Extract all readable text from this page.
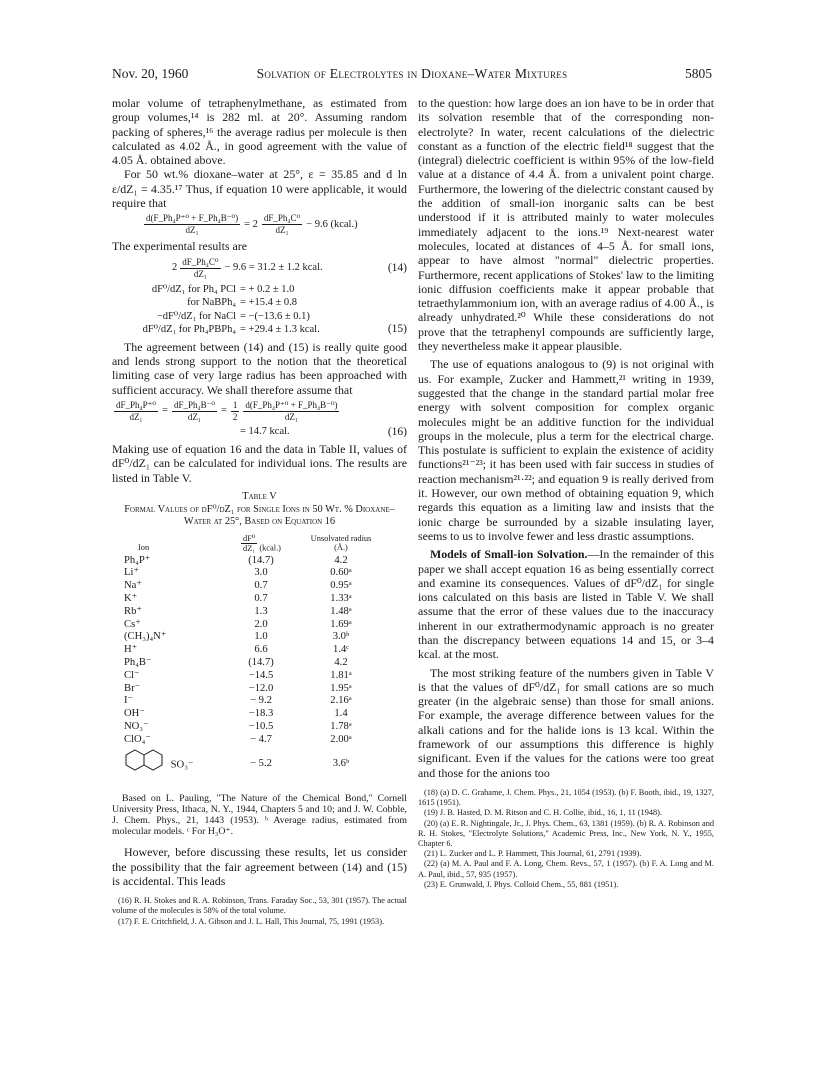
Nov. 20, 1960	Solvation of Electrolytes in Dioxane–Water Mixtures	5805

molar volume of tetraphenylmethane, as estimated from group volumes,¹⁴ is 282 ml. at 20°. Assuming random packing of spheres,¹⁶ the average radius per molecule is then calculated as 4.02 Å., in good agreement with the value of 4.05 Å. obtained above.

For 50 wt.% dioxane–water at 25°, ε = 35.85 and d ln ε/dZ₁ = 4.35.¹⁷ Thus, if equation 10 were applicable, it would require that

$\frac{\text{d(F\_Ph₄P⁺⁰ + F\_Ph₄B⁻⁰)}}{\text{dZ₁}} = 2 \frac{\text{dF\_Ph₄C⁰}}{\text{dZ₁}} - 9.6$ (kcal.)

The experimental results are

$2 \frac{\text{dF\_Ph₄C⁰}}{\text{dZ₁}} - 9.6 = 31.2 \pm 1.2$ kcal.	(14)
dF⁰/dZ₁ for Ph₄ PCl = + 0.2 ± 1.0
for NaBPh₄ = +15.4 ± 0.8
−dF⁰/dZ₁ for NaCl = −(−13.6 ± 0.1)
dF⁰/dZ₁ for Ph₄PBPh₄ = +29.4 ± 1.3 kcal.	(15)

The agreement between (14) and (15) is really quite good and lends strong support to the notion that the theoretical limiting case of very large radius has been approached with sufficient accuracy. We shall therefore assume that

$\frac{\text{dF\_Ph₄P⁺⁰}}{\text{dZ₁}} = \frac{\text{dF\_Ph₄B⁻⁰}}{\text{dZ₁}} = \frac{1}{2} \frac{\text{d(F\_Ph₄P⁺⁰ + F\_Ph₄B⁻⁰)}}{\text{dZ₁}}$
= 14.7 kcal.	(16)

Making use of equation 16 and the data in Table II, values of dF⁰/dZ₁ can be calculated for individual ions. The results are listed in Table V.

Table V
Formal Values of dF⁰/dZ₁ for Single Ions in 50 Wt. % Dioxane–Water at 25°, Based on Equation 16
Ion	$\frac{\text{dF⁰}}{\text{dZ₁}}$ (kcal.)	Unsolvated radius (Å.)
Ph₄P⁺	(14.7)	4.2
Li⁺	3.0	0.60ᵃ
Na⁺	0.7	0.95ᵃ
K⁺	0.7	1.33ᵃ
Rb⁺	1.3	1.48ᵃ
Cs⁺	2.0	1.69ᵃ
(CH₃)₄N⁺	1.0	3.0ᵇ
H⁺	6.6	1.4ᶜ
Ph₄B⁻	(14.7)	4.2
Cl⁻	−14.5	1.81ᵃ
Br⁻	−12.0	1.95ᵃ
I⁻	− 9.2	2.16ᵃ
OH⁻	−18.3	1.4
NO₃⁻	−10.5	1.78ᵃ
ClO₄⁻	− 4.7	2.00ᵃ
SO₃⁻	− 5.2	3.6ᵇ
Based on L. Pauling, "The Nature of the Chemical Bond," Cornell University Press, Ithaca, N. Y., 1944, Chapters 5 and 10; and J. W. Cobble, J. Chem. Phys., 21, 1443 (1953). ᵇ Average radius, estimated from molecular models. ᶜ For H₃O⁺.

However, before discussing these results, let us consider the possibility that the fair agreement between (14) and (15) is accidental. This leads

(16) R. H. Stokes and R. A. Robinson, Trans. Faraday Soc., 53, 301 (1957). The actual volume of the molecules is 58% of the total volume.
(17) F. E. Critchfield, J. A. Gibson and J. L. Hall, This Journal, 75, 1991 (1953).

to the question: how large does an ion have to be in order that its solvation resemble that of the corresponding non-electrolyte? In water, recent calculations of the dielectric constant as a function of the electric field¹⁸ suggest that the (integral) dielectric coefficient is within 95% of the low-field value at a distance of 4.4 Å. from a univalent point charge. Furthermore, the lowering of the dielectric constant caused by the addition of small-ion inorganic salts can be best understood if it is attributed mainly to water molecules immediately adjacent to the ions.¹⁹ Next-nearest water molecules, located at distances of 4–5 Å. for small ions, appear to have almost "normal" dielectric properties. Furthermore, recent applications of Stokes' law to the limiting ionic diffusion coefficients make it appear probable that tetraethylammonium ion, with an average radius of 4.00 Å., is already unhydrated.²⁰ While these considerations do not prove that the tetraphenyl compounds are sufficiently large, they nevertheless make it appear plausible.

The use of equations analogous to (9) is not original with us. For example, Zucker and Hammett,²¹ writing in 1939, suggested that the change in the standard partial molar free energy with solvent composition for complex organic molecules might be an additive function for the individual groups in the molecule, plus a term for the electrical charge. This postulate is sufficient to explain the existence of acidity functions²¹⁻²³; it has been used with fair success in studies of reaction mechanism²¹·²²; and equation 9 is really derived from it. However, our own method of obtaining equation 9, which regards this equation as a limiting law and insists that the ionic charge be surrounded by a sizable insulating layer, seems to us to involve fewer and less drastic assumptions.

Models of Small-ion Solvation.—In the remainder of this paper we shall accept equation 16 as being essentially correct and examine its consequences. Values of dF⁰/dZ₁ for single ions calculated on this basis are listed in Table V. We shall assume that the error of these values due to the inaccuracy inherent in our extrathermodynamic approach is no greater than the discrepancy between equations 14 and 15, or 3–4 kcal. at the most.

The most striking feature of the numbers given in Table V is that the values of dF⁰/dZ₁ for small cations are so much greater (in the algebraic sense) than those for small anions. For example, the average difference between values for the alkali cations and for the halide ions is 13 kcal. Within the framework of our assumptions this difference is highly significant. Even if the values for the cations were too great and those for the anions too

(18) (a) D. C. Grahame, J. Chem. Phys., 21, 1054 (1953). (b) F. Booth, ibid., 19, 1327, 1615 (1951).
(19) J. B. Hasted, D. M. Ritson and C. H. Collie, ibid., 16, 1, 11 (1948).
(20) (a) E. R. Nightingale, Jr., J. Phys. Chem., 63, 1381 (1959). (b) R. A. Robinson and R. H. Stokes, "Electrolyte Solutions," Academic Press, Inc., New York, N. Y., 1955, Chapter 6.
(21) L. Zucker and L. P. Hammett, This Journal, 61, 2791 (1939).
(22) (a) M. A. Paul and F. A. Long, Chem. Revs., 57, 1 (1957). (b) F. A. Long and M. A. Paul, ibid., 57, 935 (1957).
(23) E. Grunwald, J. Phys. Colloid Chem., 55, 881 (1951).
